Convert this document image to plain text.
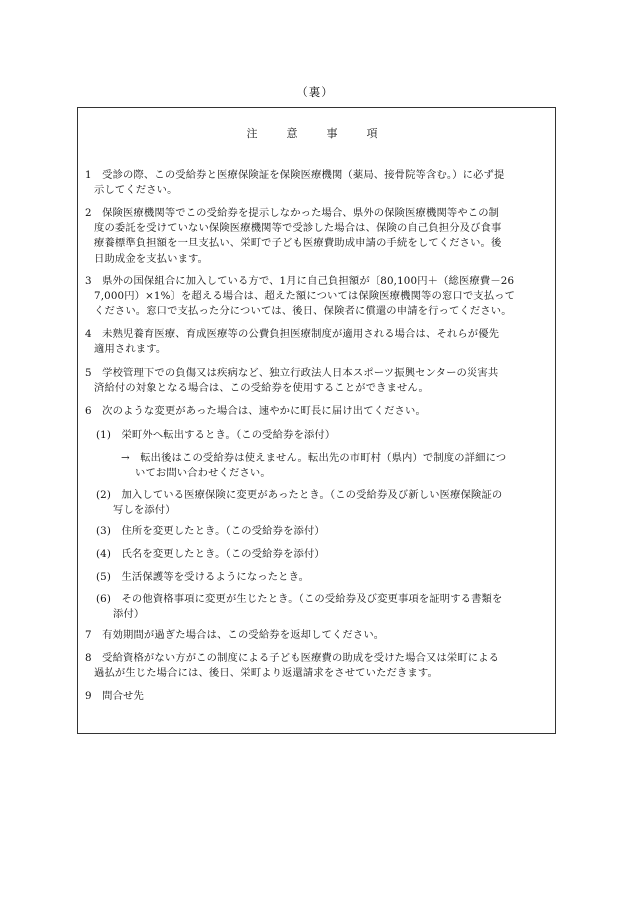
（裏）
注　意　事　項
1　受診の際、この受給券と医療保険証を保険医療機関（薬局、接骨院等含む。）に必ず提
示してください。
2　保険医療機関等でこの受給券を提示しなかった場合、県外の保険医療機関等やこの制
度の委託を受けていない保険医療機関等で受診した場合は、保険の自己負担分及び食事
療養標準負担額を一旦支払い、栄町で子ども医療費助成申請の手続をしてください。後
日助成金を支払います。
3　県外の国保組合に加入している方で、1月に自己負担額が〔80,100円＋（総医療費－26
7,000円）×1%〕を超える場合は、超えた額については保険医療機関等の窓口で支払って
ください。窓口で支払った分については、後日、保険者に償還の申請を行ってください。
4　未熟児養育医療、育成医療等の公費負担医療制度が適用される場合は、それらが優先
適用されます。
5　学校管理下での負傷又は疾病など、独立行政法人日本スポーツ振興センターの災害共
済給付の対象となる場合は、この受給券を使用することができません。
6　次のような変更があった場合は、速やかに町長に届け出てください。
(1)　栄町外へ転出するとき。（この受給券を添付）
→　転出後はこの受給券は使えません。転出先の市町村（県内）で制度の詳細につ
いてお問い合わせください。
(2)　加入している医療保険に変更があったとき。（この受給券及び新しい医療保険証の
写しを添付）
(3)　住所を変更したとき。（この受給券を添付）
(4)　氏名を変更したとき。（この受給券を添付）
(5)　生活保護等を受けるようになったとき。
(6)　その他資格事項に変更が生じたとき。（この受給券及び変更事項を証明する書類を
添付）
7　有効期間が過ぎた場合は、この受給券を返却してください。
8　受給資格がない方がこの制度による子ども医療費の助成を受けた場合又は栄町による
過払が生じた場合には、後日、栄町より返還請求をさせていただきます。
9　問合せ先
